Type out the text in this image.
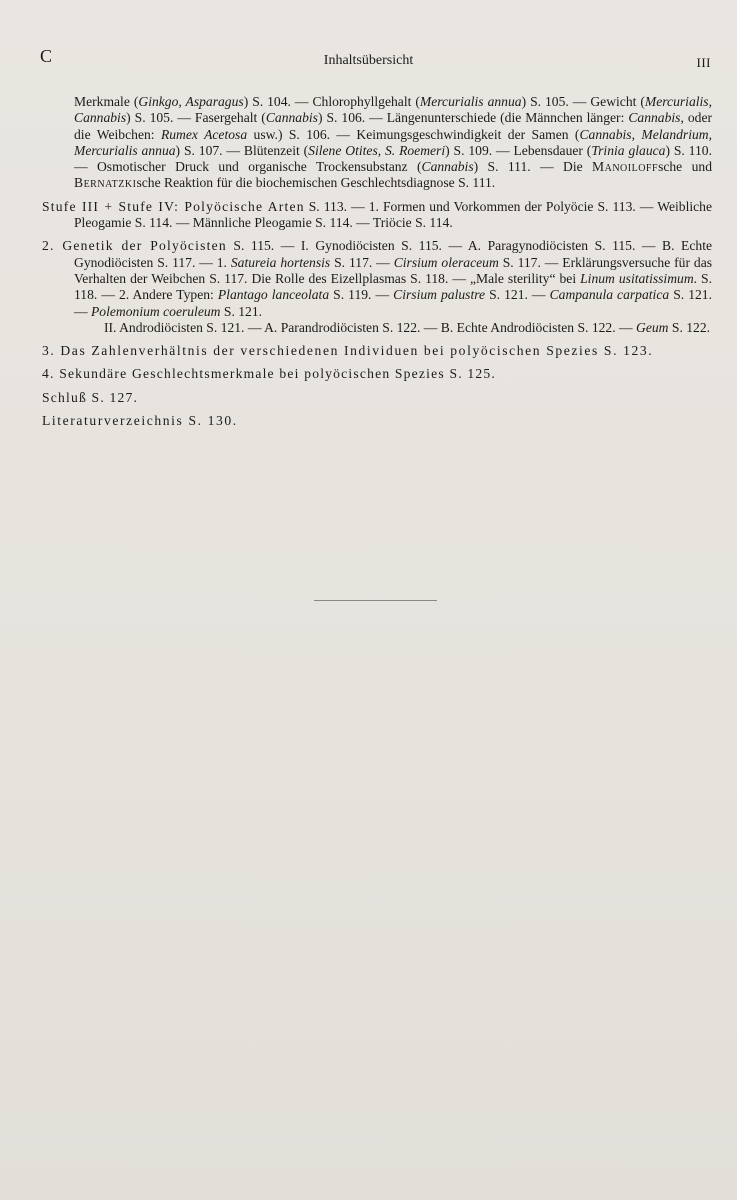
C	Inhaltsübersicht	III
Merkmale (Ginkgo, Asparagus) S. 104. — Chlorophyllgehalt (Mercurialis annua) S. 105. — Gewicht (Mercurialis, Cannabis) S. 105. — Fasergehalt (Cannabis) S. 106. — Längenunterschiede (die Männchen länger: Cannabis, oder die Weibchen: Rumex Acetosa usw.) S. 106. — Keimungsgeschwindigkeit der Samen (Cannabis, Melandrium, Mercurialis annua) S. 107. — Blütenzeit (Silene Otites, S. Roemeri) S. 109. — Lebensdauer (Trinia glauca) S. 110. — Osmotischer Druck und organische Trockensubstanz (Cannabis) S. 111. — Die Manoiloffsche und Bernatzkische Reaktion für die biochemischen Geschlechtsdiagnose S. 111.
Stufe III + Stufe IV: Polyöcische Arten S. 113. — 1. Formen und Vorkommen der Polyöcie S. 113. — Weibliche Pleogamie S. 114. — Männliche Pleogamie S. 114. — Triöcie S. 114.
2. Genetik der Polyöcisten S. 115. — I. Gynodiöcisten S. 115. — A. Paragynodiöcisten S. 115. — B. Echte Gynodiöcisten S. 117. — 1. Satureia hortensis S. 117. — Cirsium oleraceum S. 117. — Erklärungsversuche für das Verhalten der Weibchen S. 117. Die Rolle des Eizellplasmas S. 118. — „Male sterility“ bei Linum usitatissimum. S. 118. — 2. Andere Typen: Plantago lanceolata S. 119. — Cirsium palustre S. 121. — Campanula carpatica S. 121. — Polemonium coeruleum S. 121.
II. Androdiöcisten S. 121. — A. Parandrodiöcisten S. 122. — B. Echte Androdiöcisten S. 122. — Geum S. 122.
3. Das Zahlenverhältnis der verschiedenen Individuen bei polyöcischen Spezies S. 123.
4. Sekundäre Geschlechtsmerkmale bei polyöcischen Spezies S. 125.
Schluß S. 127.
Literaturverzeichnis S. 130.
